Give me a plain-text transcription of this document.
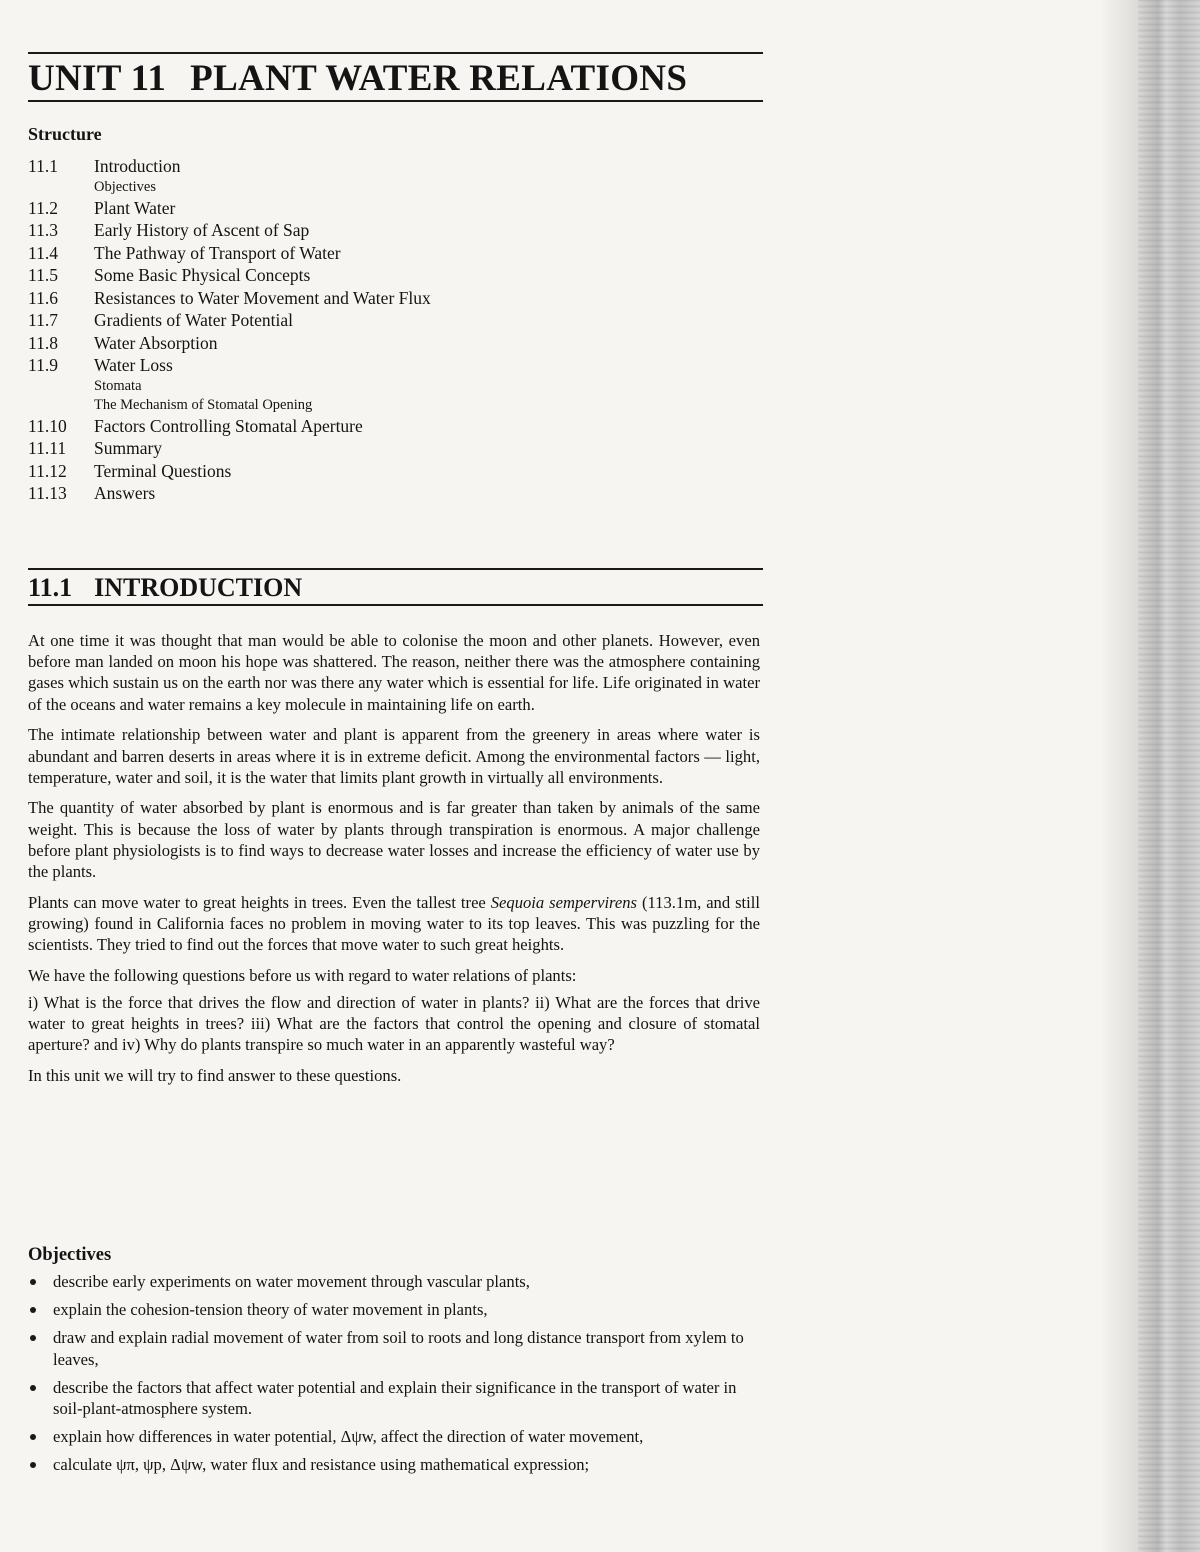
UNIT 11 PLANT WATER RELATIONS
Structure
11.1	Introduction
Objectives
11.2	Plant Water
11.3	Early History of Ascent of Sap
11.4	The Pathway of Transport of Water
11.5	Some Basic Physical Concepts
11.6	Resistances to Water Movement and Water Flux
11.7	Gradients of Water Potential
11.8	Water Absorption
11.9	Water Loss
Stomata
The Mechanism of Stomatal Opening
11.10	Factors Controlling Stomatal Aperture
11.11	Summary
11.12	Terminal Questions
11.13	Answers
11.1 INTRODUCTION

At one time it was thought that man would be able to colonise the moon and other planets. However, even before man landed on moon his hope was shattered. The reason, neither there was the atmosphere containing gases which sustain us on the earth nor was there any water which is essential for life. Life originated in water of the oceans and water remains a key molecule in maintaining life on earth.

The intimate relationship between water and plant is apparent from the greenery in areas where water is abundant and barren deserts in areas where it is in extreme deficit. Among the environmental factors — light, temperature, water and soil, it is the water that limits plant growth in virtually all environments.

The quantity of water absorbed by plant is enormous and is far greater than taken by animals of the same weight. This is because the loss of water by plants through transpiration is enormous. A major challenge before plant physiologists is to find ways to decrease water losses and increase the efficiency of water use by the plants.

Plants can move water to great heights in trees. Even the tallest tree Sequoia sempervirens (113.1m, and still growing) found in California faces no problem in moving water to its top leaves. This was puzzling for the scientists. They tried to find out the forces that move water to such great heights.

We have the following questions before us with regard to water relations of plants:

i) What is the force that drives the flow and direction of water in plants? ii) What are the forces that drive water to great heights in trees? iii) What are the factors that control the opening and closure of stomatal aperture? and iv) Why do plants transpire so much water in an apparently wasteful way?

In this unit we will try to find answer to these questions.

Objectives
describe early experiments on water movement through vascular plants,
explain the cohesion-tension theory of water movement in plants,
draw and explain radial movement of water from soil to roots and long distance transport from xylem to leaves,
describe the factors that affect water potential and explain their significance in the transport of water in soil-plant-atmosphere system.
explain how differences in water potential, Δψw, affect the direction of water movement,
calculate ψπ, ψp, Δψw, water flux and resistance using mathematical expression;
